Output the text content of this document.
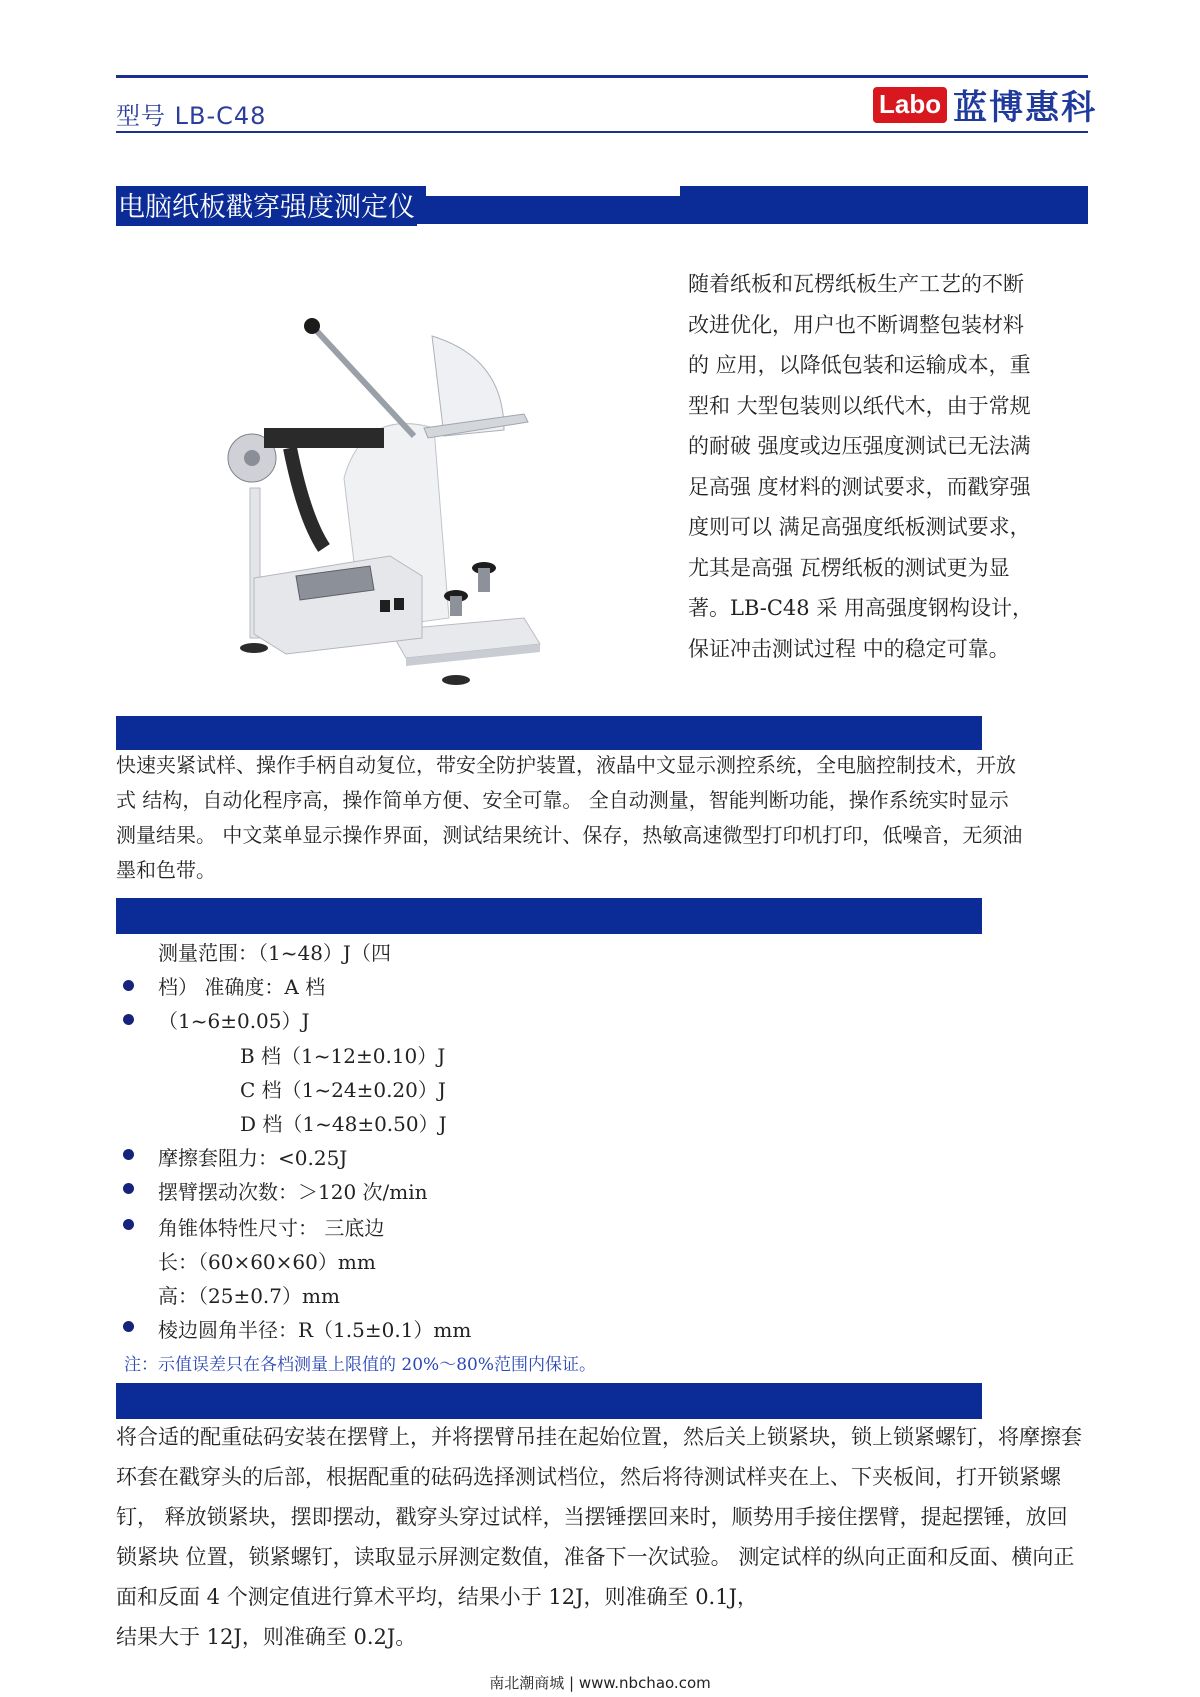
型号 LB-C48	Labo 蓝博惠科
电脑纸板戳穿强度测定仪
随着纸板和瓦楞纸板生产工艺的不断
改进优化，用户也不断调整包装材料
的 应用，以降低包装和运输成本，重
型和 大型包装则以纸代木，由于常规
的耐破 强度或边压强度测试已无法满
足高强 度材料的测试要求，而戳穿强
度则可以 满足高强度纸板测试要求，
尤其是高强 瓦楞纸板的测试更为显
著。LB-C48 采 用高强度钢构设计，
保证冲击测试过程 中的稳定可靠。
快速夹紧试样、操作手柄自动复位，带安全防护装置，液晶中文显示测控系统，全电脑控制技术，开放
式 结构，自动化程序高，操作简单方便、安全可靠。 全自动测量，智能判断功能，操作系统实时显示
测量结果。 中文菜单显示操作界面，测试结果统计、保存，热敏高速微型打印机打印，低噪音，无须油
墨和色带。
测量范围：（1~48）J（四
档） 准确度：A 档
（1~6±0.05）J
B 档（1~12±0.10）J
C 档（1~24±0.20）J
D 档（1~48±0.50）J
摩擦套阻力：<0.25J
摆臂摆动次数：＞120 次/min
角锥体特性尺寸： 三底边
长：（60×60×60）mm
高：（25±0.7）mm
棱边圆角半径：R（1.5±0.1）mm
注：示值误差只在各档测量上限值的 20%～80%范围内保证。
将合适的配重砝码安装在摆臂上，并将摆臂吊挂在起始位置，然后关上锁紧块，锁上锁紧螺钉，将摩擦套
环套在戳穿头的后部，根据配重的砝码选择测试档位，然后将待测试样夹在上、下夹板间，打开锁紧螺
钉， 释放锁紧块，摆即摆动，戳穿头穿过试样，当摆锤摆回来时，顺势用手接住摆臂，提起摆锤，放回
锁紧块 位置，锁紧螺钉，读取显示屏测定数值，准备下一次试验。 测定试样的纵向正面和反面、横向正
面和反面 4 个测定值进行算术平均，结果小于 12J，则准确至 0.1J，
结果大于 12J，则准确至 0.2J。
南北潮商城 | www.nbchao.com
